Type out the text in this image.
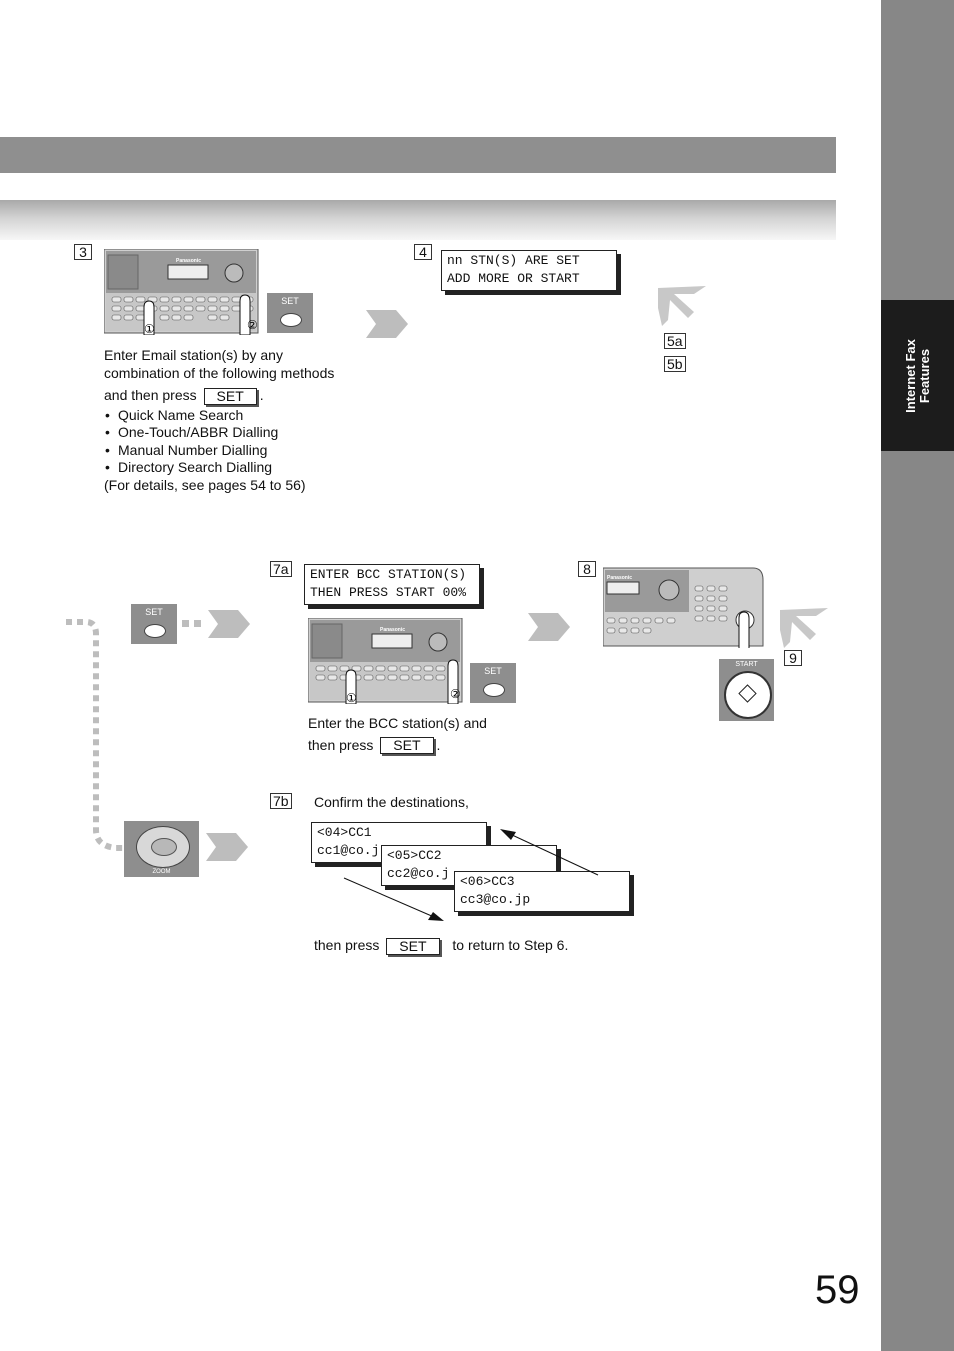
Internet Fax Features
3
Panasonic
①	②
SET
Enter Email station(s) by any
combination of the following methods
and then press SET .
• Quick Name Search
• One-Touch/ABBR Dialling
• Manual Number Dialling
• Directory Search Dialling
(For details, see pages 54 to 56)
4
nn STN(S) ARE SET
ADD MORE OR START
5a
5b
SET
7a ENTER BCC STATION(S)
THEN PRESS START 00%
Panasonic
①	②
SET
Enter the BCC station(s) and
then press SET .
8
Panasonic
9
START
ZOOM
7b Confirm the destinations,
<04>CC1
cc1@co.j <05>CC2
cc2@co.j
<06>CC3
cc3@co.jp
then press SET to return to Step 6.
59
